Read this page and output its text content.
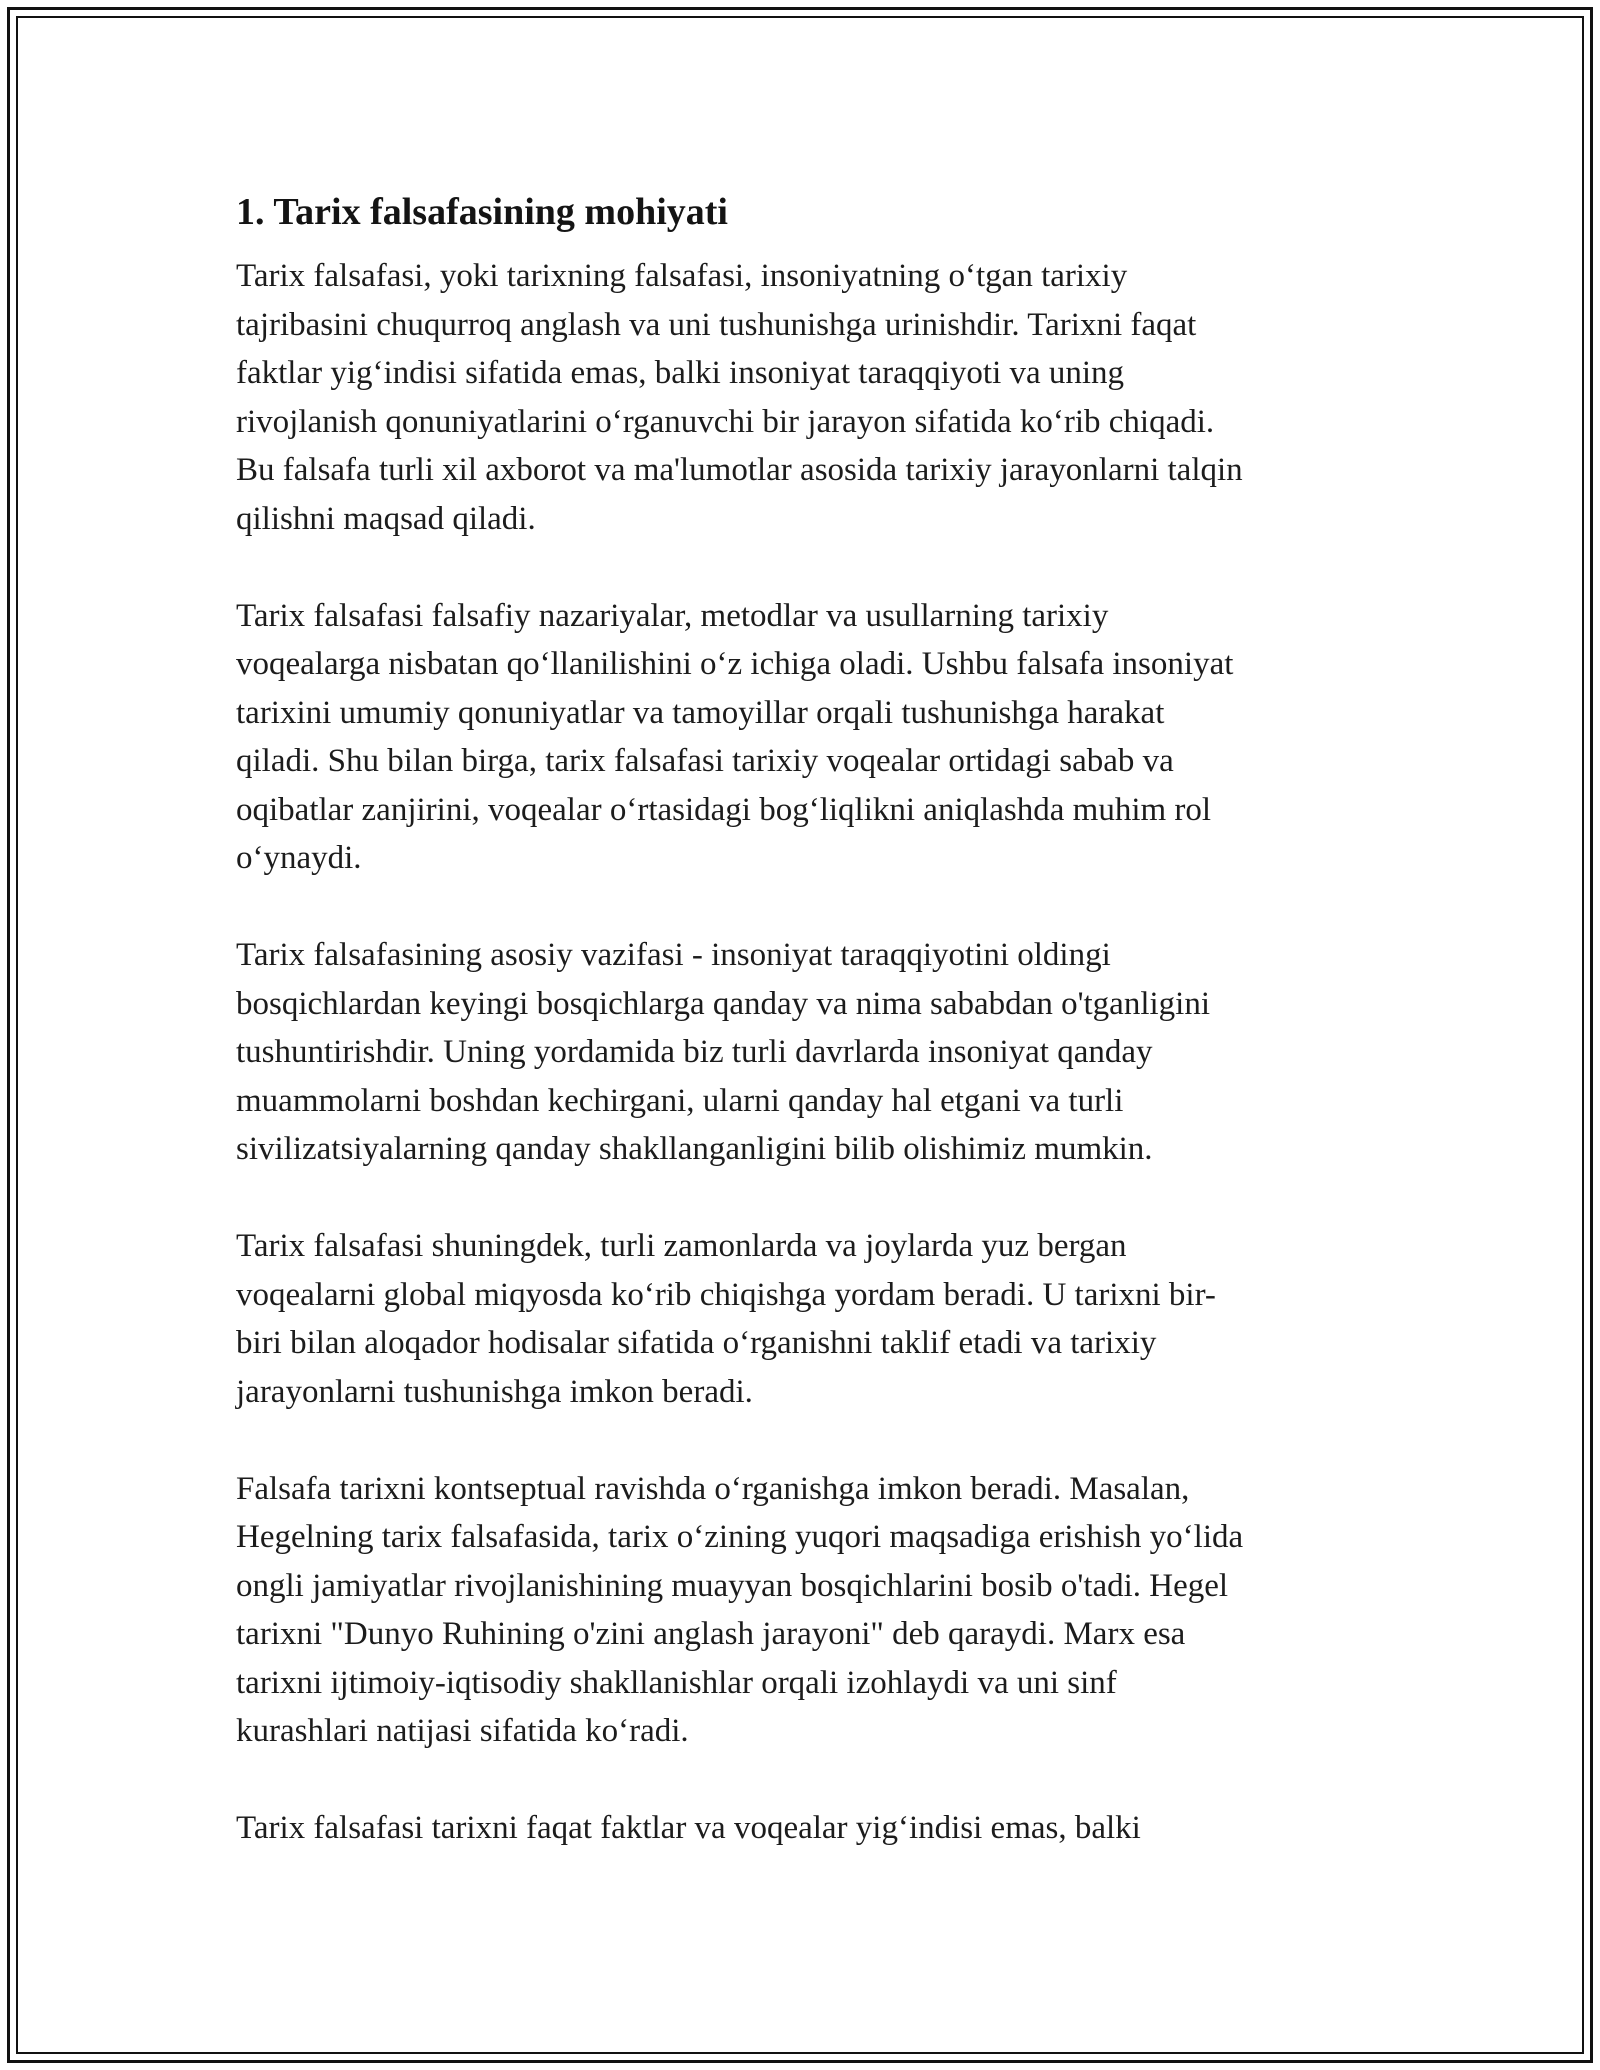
1. Tarix falsafasining mohiyati

Tarix falsafasi, yoki tarixning falsafasi, insoniyatning o‘tgan tarixiy
tajribasini chuqurroq anglash va uni tushunishga urinishdir. Tarixni faqat
faktlar yig‘indisi sifatida emas, balki insoniyat taraqqiyoti va uning
rivojlanish qonuniyatlarini o‘rganuvchi bir jarayon sifatida ko‘rib chiqadi.
Bu falsafa turli xil axborot va ma'lumotlar asosida tarixiy jarayonlarni talqin
qilishni maqsad qiladi.

Tarix falsafasi falsafiy nazariyalar, metodlar va usullarning tarixiy
voqealarga nisbatan qo‘llanilishini o‘z ichiga oladi. Ushbu falsafa insoniyat
tarixini umumiy qonuniyatlar va tamoyillar orqali tushunishga harakat
qiladi. Shu bilan birga, tarix falsafasi tarixiy voqealar ortidagi sabab va
oqibatlar zanjirini, voqealar o‘rtasidagi bog‘liqlikni aniqlashda muhim rol
o‘ynaydi.

Tarix falsafasining asosiy vazifasi - insoniyat taraqqiyotini oldingi
bosqichlardan keyingi bosqichlarga qanday va nima sababdan o'tganligini
tushuntirishdir. Uning yordamida biz turli davrlarda insoniyat qanday
muammolarni boshdan kechirgani, ularni qanday hal etgani va turli
sivilizatsiyalarning qanday shakllanganligini bilib olishimiz mumkin.

Tarix falsafasi shuningdek, turli zamonlarda va joylarda yuz bergan
voqealarni global miqyosda ko‘rib chiqishga yordam beradi. U tarixni bir-
biri bilan aloqador hodisalar sifatida o‘rganishni taklif etadi va tarixiy
jarayonlarni tushunishga imkon beradi.

Falsafa tarixni kontseptual ravishda o‘rganishga imkon beradi. Masalan,
Hegelning tarix falsafasida, tarix o‘zining yuqori maqsadiga erishish yo‘lida
ongli jamiyatlar rivojlanishining muayyan bosqichlarini bosib o'tadi. Hegel
tarixni "Dunyo Ruhining o'zini anglash jarayoni" deb qaraydi. Marx esa
tarixni ijtimoiy-iqtisodiy shakllanishlar orqali izohlaydi va uni sinf
kurashlari natijasi sifatida ko‘radi.

Tarix falsafasi tarixni faqat faktlar va voqealar yig‘indisi emas, balki
